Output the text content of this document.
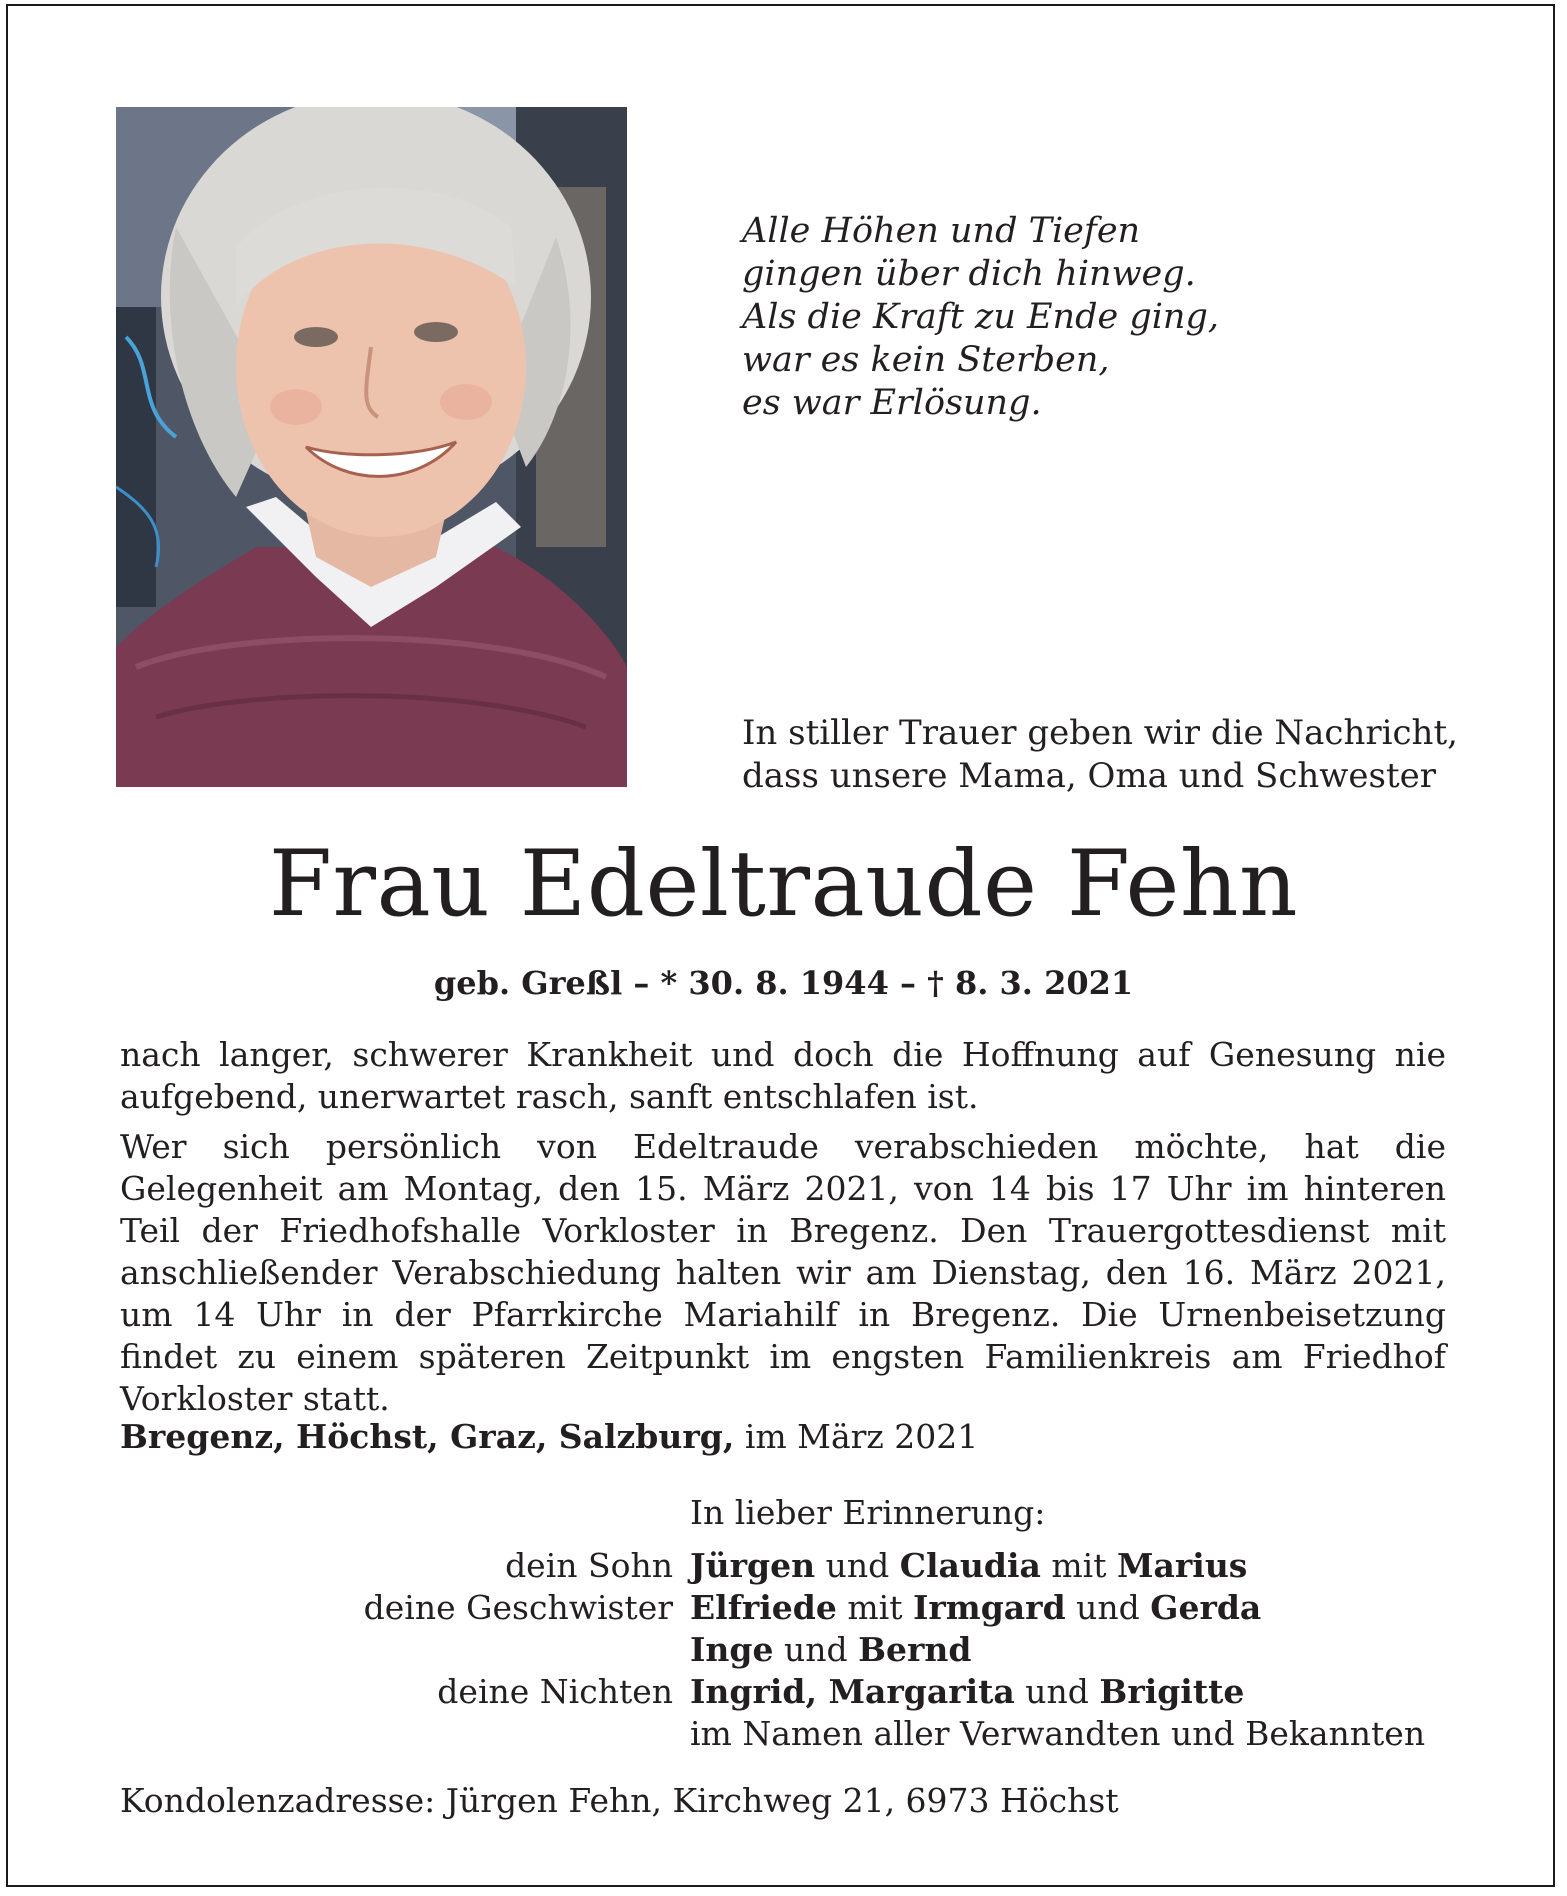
Alle Höhen und Tiefen
gingen über dich hinweg.
Als die Kraft zu Ende ging,
war es kein Sterben,
es war Erlösung.
In stiller Trauer geben wir die Nachricht,
dass unsere Mama, Oma und Schwester
Frau Edeltraude Fehn
geb. Greßl – * 30. 8. 1944 – † 8. 3. 2021

nach langer, schwerer Krankheit und doch die Hoffnung auf Genesung nie aufgebend, unerwartet rasch, sanft entschlafen ist.

Wer sich persönlich von Edeltraude verabschieden möchte, hat die Gelegenheit am Montag, den 15. März 2021, von 14 bis 17 Uhr im hinteren Teil der Friedhofshalle Vorkloster in Bregenz. Den Trauergottesdienst mit anschließender Verabschiedung halten wir am Dienstag, den 16. März 2021, um 14 Uhr in der Pfarrkirche Mariahilf in Bregenz. Die Urnenbeisetzung findet zu einem späteren Zeitpunkt im engsten Familienkreis am Friedhof Vorkloster statt.

Bregenz, Höchst, Graz, Salzburg, im März 2021
In lieber Erinnerung:
dein Sohn Jürgen und Claudia mit Marius
deine Geschwister Elfriede mit Irmgard und Gerda
Inge und Bernd
deine Nichten Ingrid, Margarita und Brigitte
im Namen aller Verwandten und Bekannten
Kondolenzadresse: Jürgen Fehn, Kirchweg 21, 6973 Höchst
